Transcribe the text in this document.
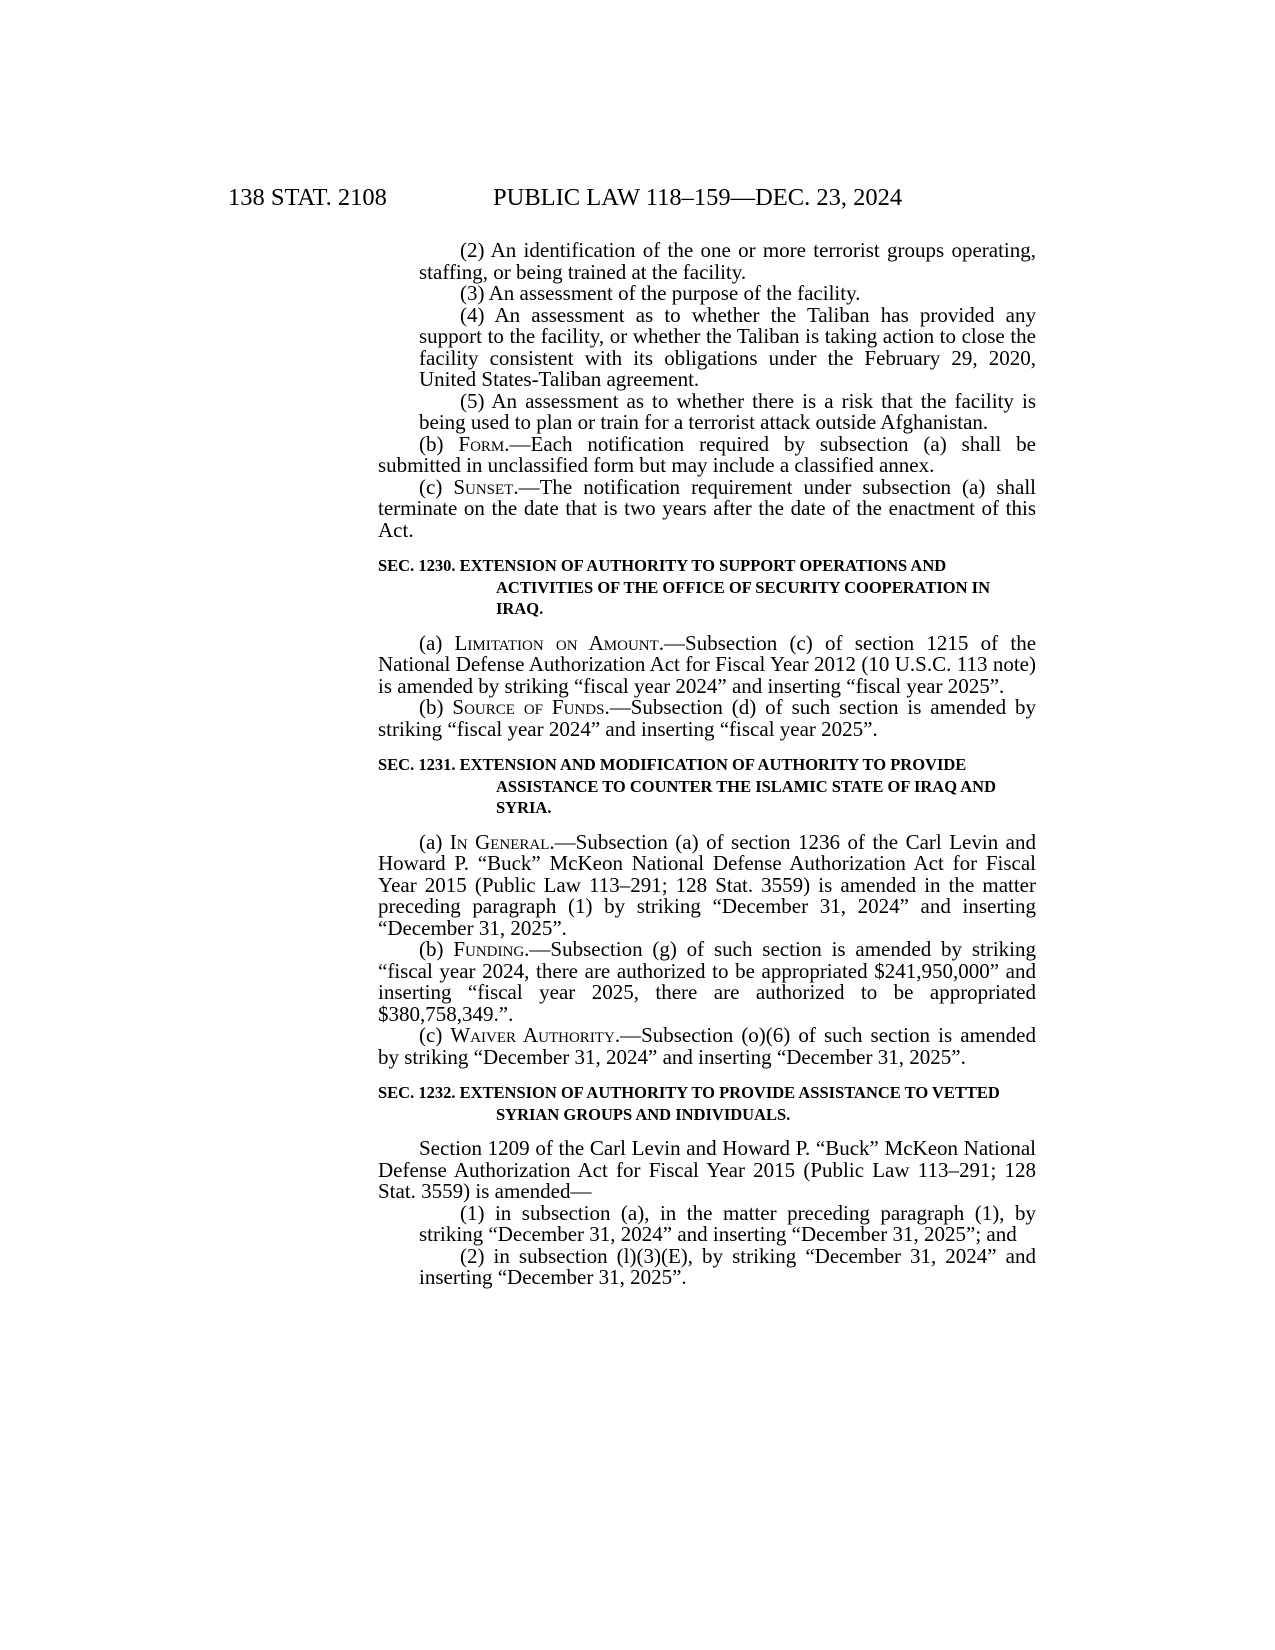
138 STAT. 2108	PUBLIC LAW 118–159—DEC. 23, 2024

(2) An identification of the one or more terrorist groups operating, staffing, or being trained at the facility.

(3) An assessment of the purpose of the facility.

(4) An assessment as to whether the Taliban has provided any support to the facility, or whether the Taliban is taking action to close the facility consistent with its obligations under the February 29, 2020, United States-Taliban agreement.

(5) An assessment as to whether there is a risk that the facility is being used to plan or train for a terrorist attack outside Afghanistan.

(b) Form.—Each notification required by subsection (a) shall be submitted in unclassified form but may include a classified annex.

(c) Sunset.—The notification requirement under subsection (a) shall terminate on the date that is two years after the date of the enactment of this Act.

SEC. 1230. EXTENSION OF AUTHORITY TO SUPPORT OPERATIONS AND ACTIVITIES OF THE OFFICE OF SECURITY COOPERATION IN IRAQ.

(a) Limitation on Amount.—Subsection (c) of section 1215 of the National Defense Authorization Act for Fiscal Year 2012 (10 U.S.C. 113 note) is amended by striking “fiscal year 2024” and inserting “fiscal year 2025”.

(b) Source of Funds.—Subsection (d) of such section is amended by striking “fiscal year 2024” and inserting “fiscal year 2025”.

SEC. 1231. EXTENSION AND MODIFICATION OF AUTHORITY TO PROVIDE ASSISTANCE TO COUNTER THE ISLAMIC STATE OF IRAQ AND SYRIA.

(a) In General.—Subsection (a) of section 1236 of the Carl Levin and Howard P. “Buck” McKeon National Defense Authorization Act for Fiscal Year 2015 (Public Law 113–291; 128 Stat. 3559) is amended in the matter preceding paragraph (1) by striking “December 31, 2024” and inserting “December 31, 2025”.

(b) Funding.—Subsection (g) of such section is amended by striking “fiscal year 2024, there are authorized to be appropriated $241,950,000” and inserting “fiscal year 2025, there are authorized to be appropriated $380,758,349.”.

(c) Waiver Authority.—Subsection (o)(6) of such section is amended by striking “December 31, 2024” and inserting “December 31, 2025”.

SEC. 1232. EXTENSION OF AUTHORITY TO PROVIDE ASSISTANCE TO VETTED SYRIAN GROUPS AND INDIVIDUALS.

Section 1209 of the Carl Levin and Howard P. “Buck” McKeon National Defense Authorization Act for Fiscal Year 2015 (Public Law 113–291; 128 Stat. 3559) is amended—

(1) in subsection (a), in the matter preceding paragraph (1), by striking “December 31, 2024” and inserting “December 31, 2025”; and

(2) in subsection (l)(3)(E), by striking “December 31, 2024” and inserting “December 31, 2025”.
